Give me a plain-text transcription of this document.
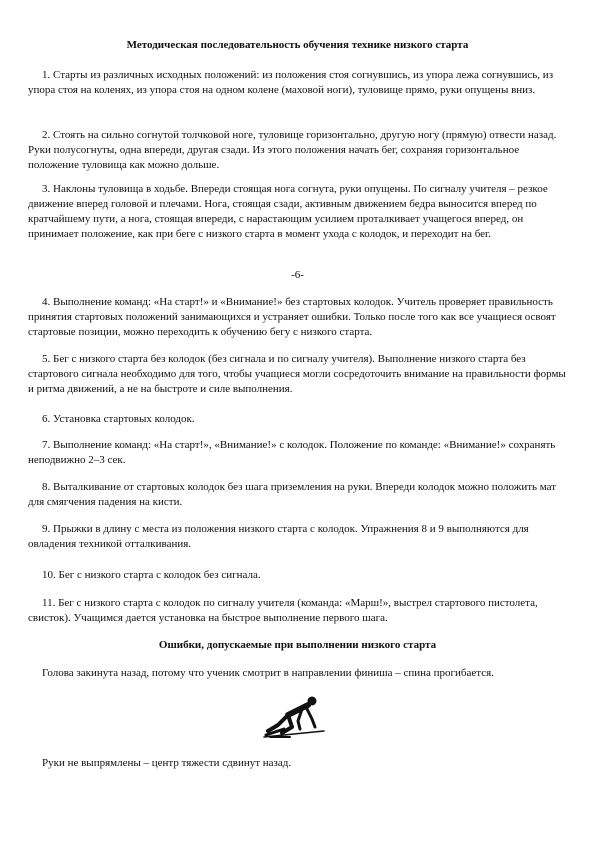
Методическая последовательность обучения технике низкого старта

1. Старты из различных исходных положений: из положения стоя согнувшись, из упора лежа согнувшись, из упора стоя на коленях, из упора стоя на одном колене (маховой ноги), туловище прямо, руки опущены вниз.

2. Стоять на сильно согнутой толчковой ноге, туловище горизонтально, другую ногу (прямую) отвести назад. Руки полусогнуты, одна впереди, другая сзади. Из этого положения начать бег, сохраняя горизонтальное положение туловища как можно дольше.

3. Наклоны туловища в ходьбе. Впереди стоящая нога согнута, руки опущены. По сигналу учителя – резкое движение вперед головой и плечами. Нога, стоящая сзади, активным движением бедра выносится вперед по кратчайшему пути, а нога, стоящая впереди, с нарастающим усилием проталкивает учащегося вперед, он принимает положение, как при беге с низкого старта в момент ухода с колодок, и переходит на бег.

-6-

4. Выполнение команд: «На старт!» и «Внимание!» без стартовых колодок. Учитель проверяет правильность принятия стартовых положений занимающихся и устраняет ошибки. Только после того как все учащиеся освоят стартовые позиции, можно переходить к обучению бегу с низкого старта.

5. Бег с низкого старта без колодок (без сигнала и по сигналу учителя). Выполнение низкого старта без стартового сигнала необходимо для того, чтобы учащиеся могли сосредоточить внимание на правильности формы и ритма движений, а не на быстроте и силе выполнения.

6. Установка стартовых колодок.

7. Выполнение команд: «На старт!», «Внимание!» с колодок. Положение по команде: «Внимание!» сохранять неподвижно 2–3 сек.

8. Выталкивание от стартовых колодок без шага приземления на руки. Впереди колодок можно положить мат для смягчения падения на кисти.

9. Прыжки в длину с места из положения низкого старта с колодок. Упражнения 8 и 9 выполняются для овладения техникой отталкивания.

10. Бег с низкого старта с колодок без сигнала.

11. Бег с низкого старта с колодок по сигналу учителя (команда: «Марш!», выстрел стартового пистолета, свисток). Учащимся дается установка на быстрое выполнение первого шага.

Ошибки, допускаемые при выполнении низкого старта

Голова закинута назад, потому что ученик смотрит в направлении финиша – спина прогибается.

Руки не выпрямлены – центр тяжести сдвинут назад.
